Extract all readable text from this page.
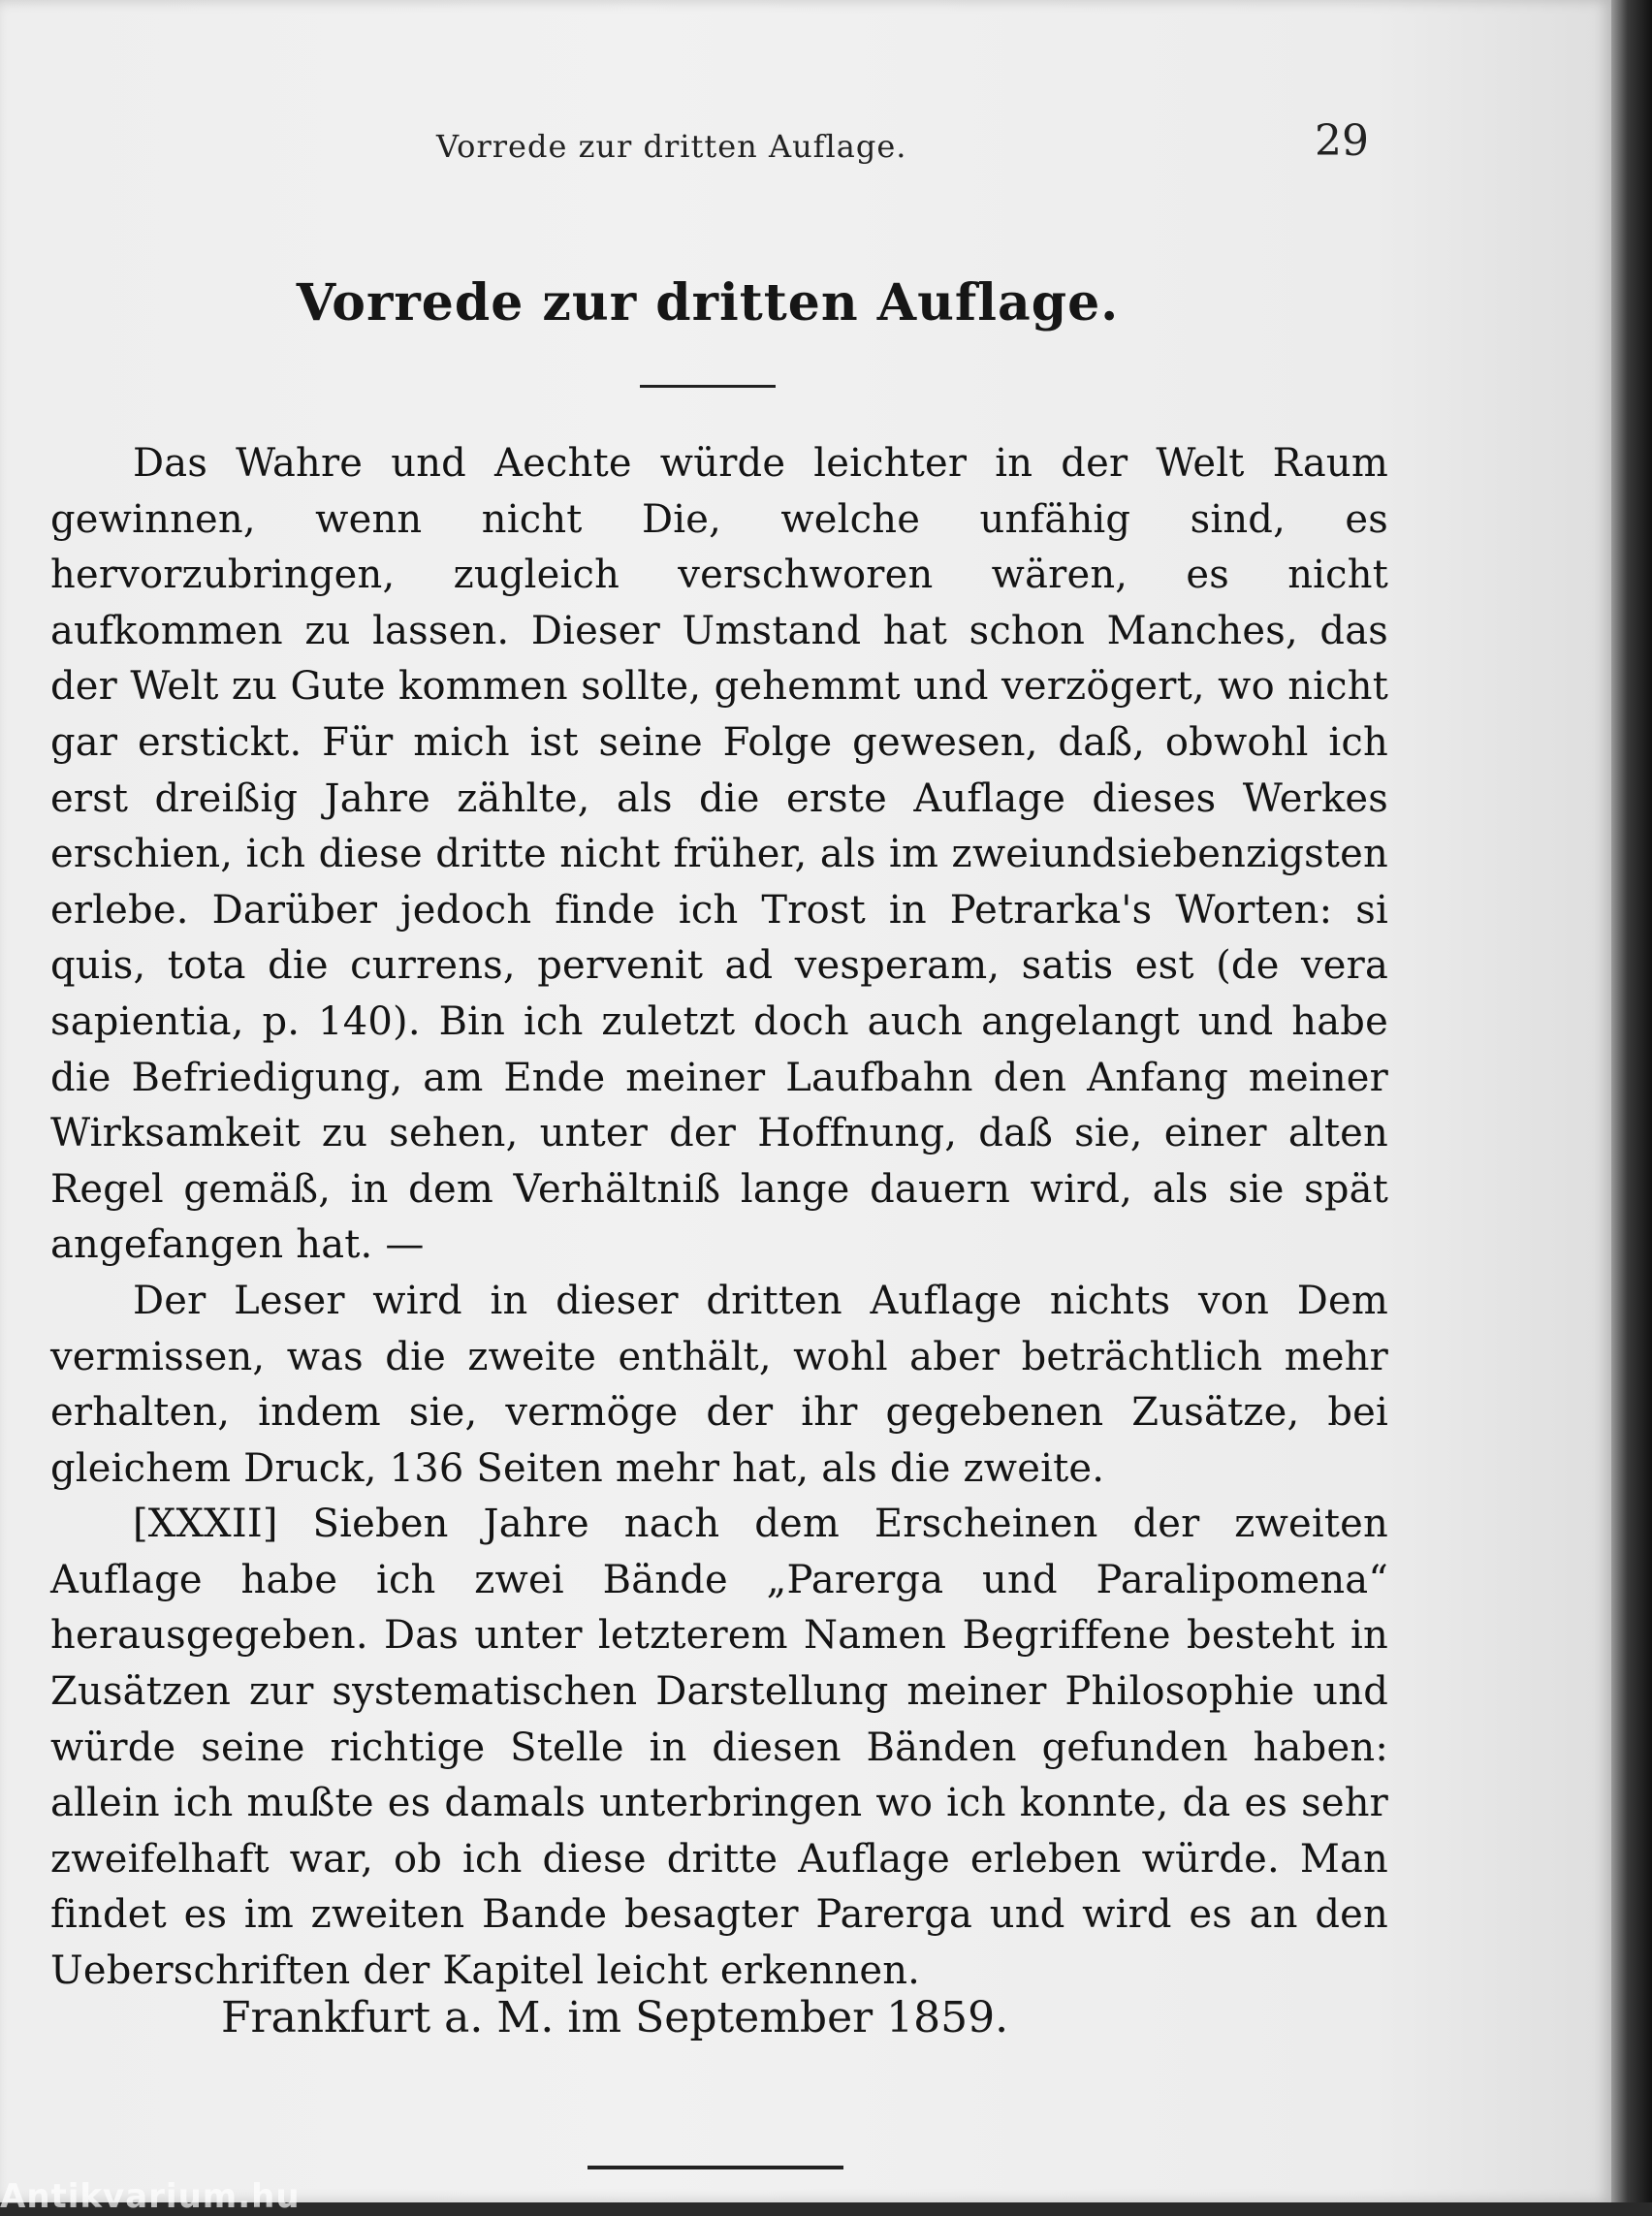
Vorrede zur dritten Auflage.	29
Vorrede zur dritten Auflage.

Das Wahre und Aechte würde leichter in der Welt Raum gewinnen, wenn nicht Die, welche unfähig sind, es hervorzubringen, zugleich verschworen wären, es nicht aufkommen zu lassen. Dieser Umstand hat schon Manches, das der Welt zu Gute kommen sollte, gehemmt und verzögert, wo nicht gar erstickt. Für mich ist seine Folge gewesen, daß, obwohl ich erst dreißig Jahre zählte, als die erste Auflage dieses Werkes erschien, ich diese dritte nicht früher, als im zweiundsiebenzigsten erlebe. Darüber jedoch finde ich Trost in Petrarka's Worten: si quis, tota die currens, pervenit ad vesperam, satis est (de vera sapientia, p. 140). Bin ich zuletzt doch auch angelangt und habe die Befriedigung, am Ende meiner Laufbahn den Anfang meiner Wirksamkeit zu sehen, unter der Hoffnung, daß sie, einer alten Regel gemäß, in dem Verhältniß lange dauern wird, als sie spät angefangen hat. —

Der Leser wird in dieser dritten Auflage nichts von Dem vermissen, was die zweite enthält, wohl aber beträchtlich mehr erhalten, indem sie, vermöge der ihr gegebenen Zusätze, bei gleichem Druck, 136 Seiten mehr hat, als die zweite.

[XXXII] Sieben Jahre nach dem Erscheinen der zweiten Auflage habe ich zwei Bände „Parerga und Paralipomena“ herausgegeben. Das unter letzterem Namen Begriffene besteht in Zusätzen zur systematischen Darstellung meiner Philosophie und würde seine richtige Stelle in diesen Bänden gefunden haben: allein ich mußte es damals unterbringen wo ich konnte, da es sehr zweifelhaft war, ob ich diese dritte Auflage erleben würde. Man findet es im zweiten Bande besagter Parerga und wird es an den Ueberschriften der Kapitel leicht erkennen.

Frankfurt a. M. im September 1859.
Antikvarium.hu
